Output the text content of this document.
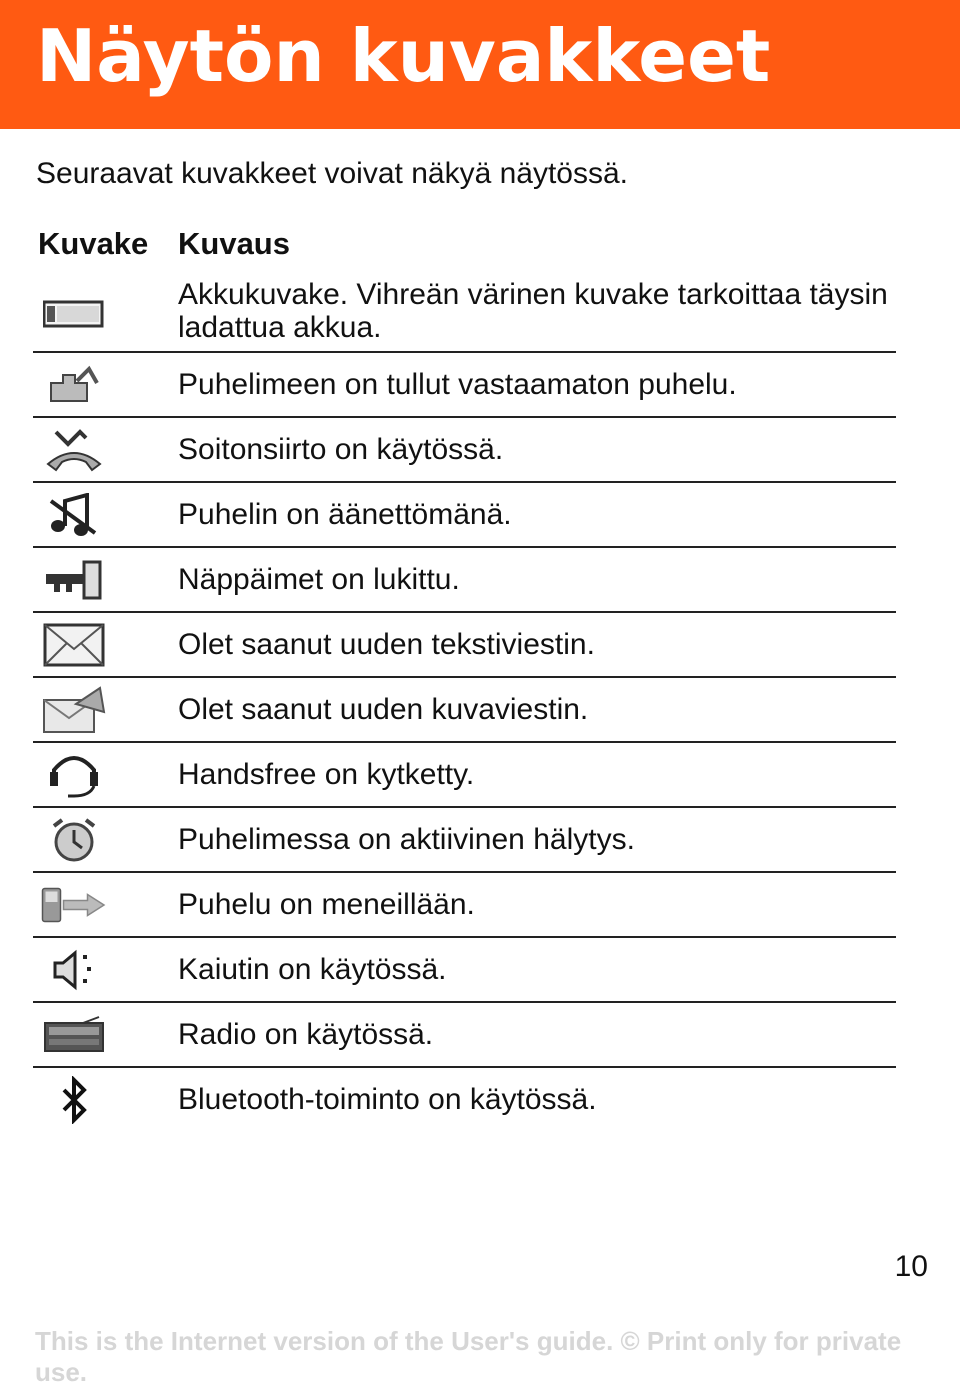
Näytön kuvakkeet
Seuraavat kuvakkeet voivat näkyä näytössä.
Kuvake Kuvaus
Akkukuvake. Vihreän värinen kuvake tarkoittaa täysin ladattua akkua.
Puhelimeen on tullut vastaamaton puhelu.
Soitonsiirto on käytössä.
Puhelin on äänettömänä.
Näppäimet on lukittu.
Olet saanut uuden tekstiviestin.
Olet saanut uuden kuvaviestin.
Handsfree on kytketty.
Puhelimessa on aktiivinen hälytys.
Puhelu on meneillään.
Kaiutin on käytössä.
Radio on käytössä.
Bluetooth-toiminto on käytössä.
10
This is the Internet version of the User's guide. © Print only for private use.
